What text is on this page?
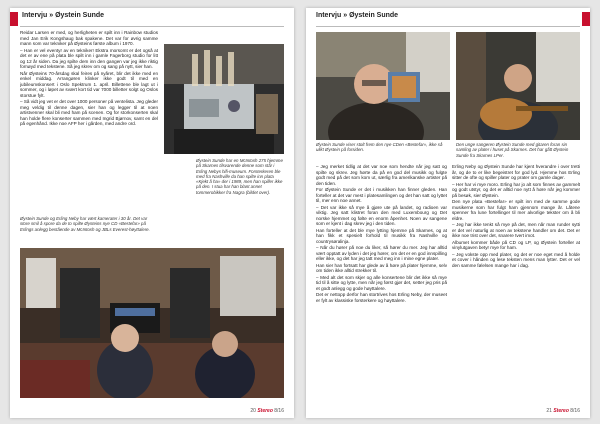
Intervju » Øystein Sunde

Reidar Larsen er med, og herligheten er spilt inn i Rainbow studios med Jan Erik Kongshaug bak spakene. Det var for øvrig samme mann som var tekniker på Øysteins første album i 1970.

– Han er vel eventyr av en tekniker! Ekstra morsomt er det også at det er av ene på plata ble spilt inn i gamle Fagerborg studio for litt og 12 år siden. Da jeg spilte dem inn den gangen var jeg ikke riktig fornøyd med tekstene. Så jeg skrev om og sang på nytt, sier han.

Når Øysteins 70-årsdag skal feires på nyåret, blir det ikke med en enkel middag. Arrangøren klinker ikke godt til med en jubileumskonsert i Oslo Spektrum 1. april. Billettene ble lagt ut i sommer, og i løpet av svært kort tid var 7000 billetter solgt og Oslos storstue fylt.

– Så vidt jeg vet er det over 1000 personer på ventelista. Jeg gleder meg veldig til denne dagen, sier han og legger til at noen artistvenner skal bli med ham på scenen. Og for storkonserten skal han holde flere konserter sammen med Ingrid Bjørnov, samt en del på egenhånd. Ikke noe AFP her i gården, med andre ord.

Øystein Sunde og Erling Neby har vært kamerater i 30 år. Det var store smil å spore da de to spilte Øysteins nye CD «Bestefar» på Erlings anlegg bestående av McIntosh og JBLs Everest-høyttalere.
Øystein Sunde har en McIntosh 275 hjemme på Skarnes tilsvarende denne som står i Erling Nebys hifi-museum. Forsterkeren ble med fra Nashville da han spilte inn plata «Kjekt å ha» der i 1989, men han spiller ikke på den. I stua har han blant annet tommerobikker fra Nagra (bildet over).
20 Stereo 8/16
Intervju » Øystein Sunde
Øystein Sunde viser stolt frem den nye CDen «Bestefar», ikke så ulikt Øystein på forsiden.
Den unge sangeren Øystein Sunde med gitaren foran sin samling av plater i huset på Skarnes. Det har gått Øystein Sunde fra Skarnes LPer.

– Jeg merket tidlig at det var noe som hendte når jeg satt og spilte og skrev. Jeg hørte da på en god del musikk og fulgte godt med på det som kom ut, særlig fra amerikanske artister på den tiden.

For Øystein Sunde er det i musikken han finner gleden. Han forteller at det var mest i platesamlingen og det han satt og lyttet til, mer enn noe annet.

– Det var ikke så mye å gjøre ute på landet, og radioen var viktig. Jeg satt klistret foran den med Luxembourg og Det norske hjemmet og følte en enorm åpenhet. Noen av sangene som er kjent i dag skrev jeg i den tiden.

Han forteller at det ble mye lytting hjemme på Skarnes, og at han fikk et spesielt forhold til musikk fra Nashville og countrysøralinja.

– Når du hører på noe du liker, så hører du mer. Jeg har alltid vært opptatt av lyden i det jeg hører, om det er en god innspilling eller ikke, og det har jeg tatt med meg inn i mine egne plater.

Han sier han fortsatt har glede av å høre på plater hjemme, selv om tiden ikke alltid strekker til.

– Med alt det som skjer og alle konsertene blir det ikke så mye tid til å sitte og lytte, men når jeg først gjør det, setter jeg pris på et godt anlegg og gode høyttalere.

Det er nettopp derfor han stortrives hos Erling Neby, der museet er fylt av klassiske forsterkere og høyttalere.

Erling Neby og Øystein Sunde har kjent hverandre i over tretti år, og de to er like begeistret for god lyd. Hjemme hos Erling sitter de ofte og spiller plater og prater om gamle dager.

– Her har vi mye moro. Erling har jo alt som finnes av gammelt og godt utstyr, og det er alltid noe nytt å høre når jeg kommer på besøk, sier Øystein.

Den nye plata «Bestefar» er spilt inn med de samme gode musikerne som har fulgt ham gjennom mange år. Låtene spenner fra lune fortellinger til mer alvorlige tekster om å bli eldre.

– Jeg har ikke tenkt så mye på det, men når man runder sytti er det vel naturlig at noen av tekstene handler om det. Det er ikke noe trist over det, snarere tvert imot.

Albumet kommer både på CD og LP, og Øystein forteller at vinylutgaven betyr mye for ham.

– Jeg vokste opp med plater, og det er noe eget med å holde et cover i hånden og lese teksten mens man lytter. Det er vel den samme følelsen mange har i dag.

21 Stereo 8/16
